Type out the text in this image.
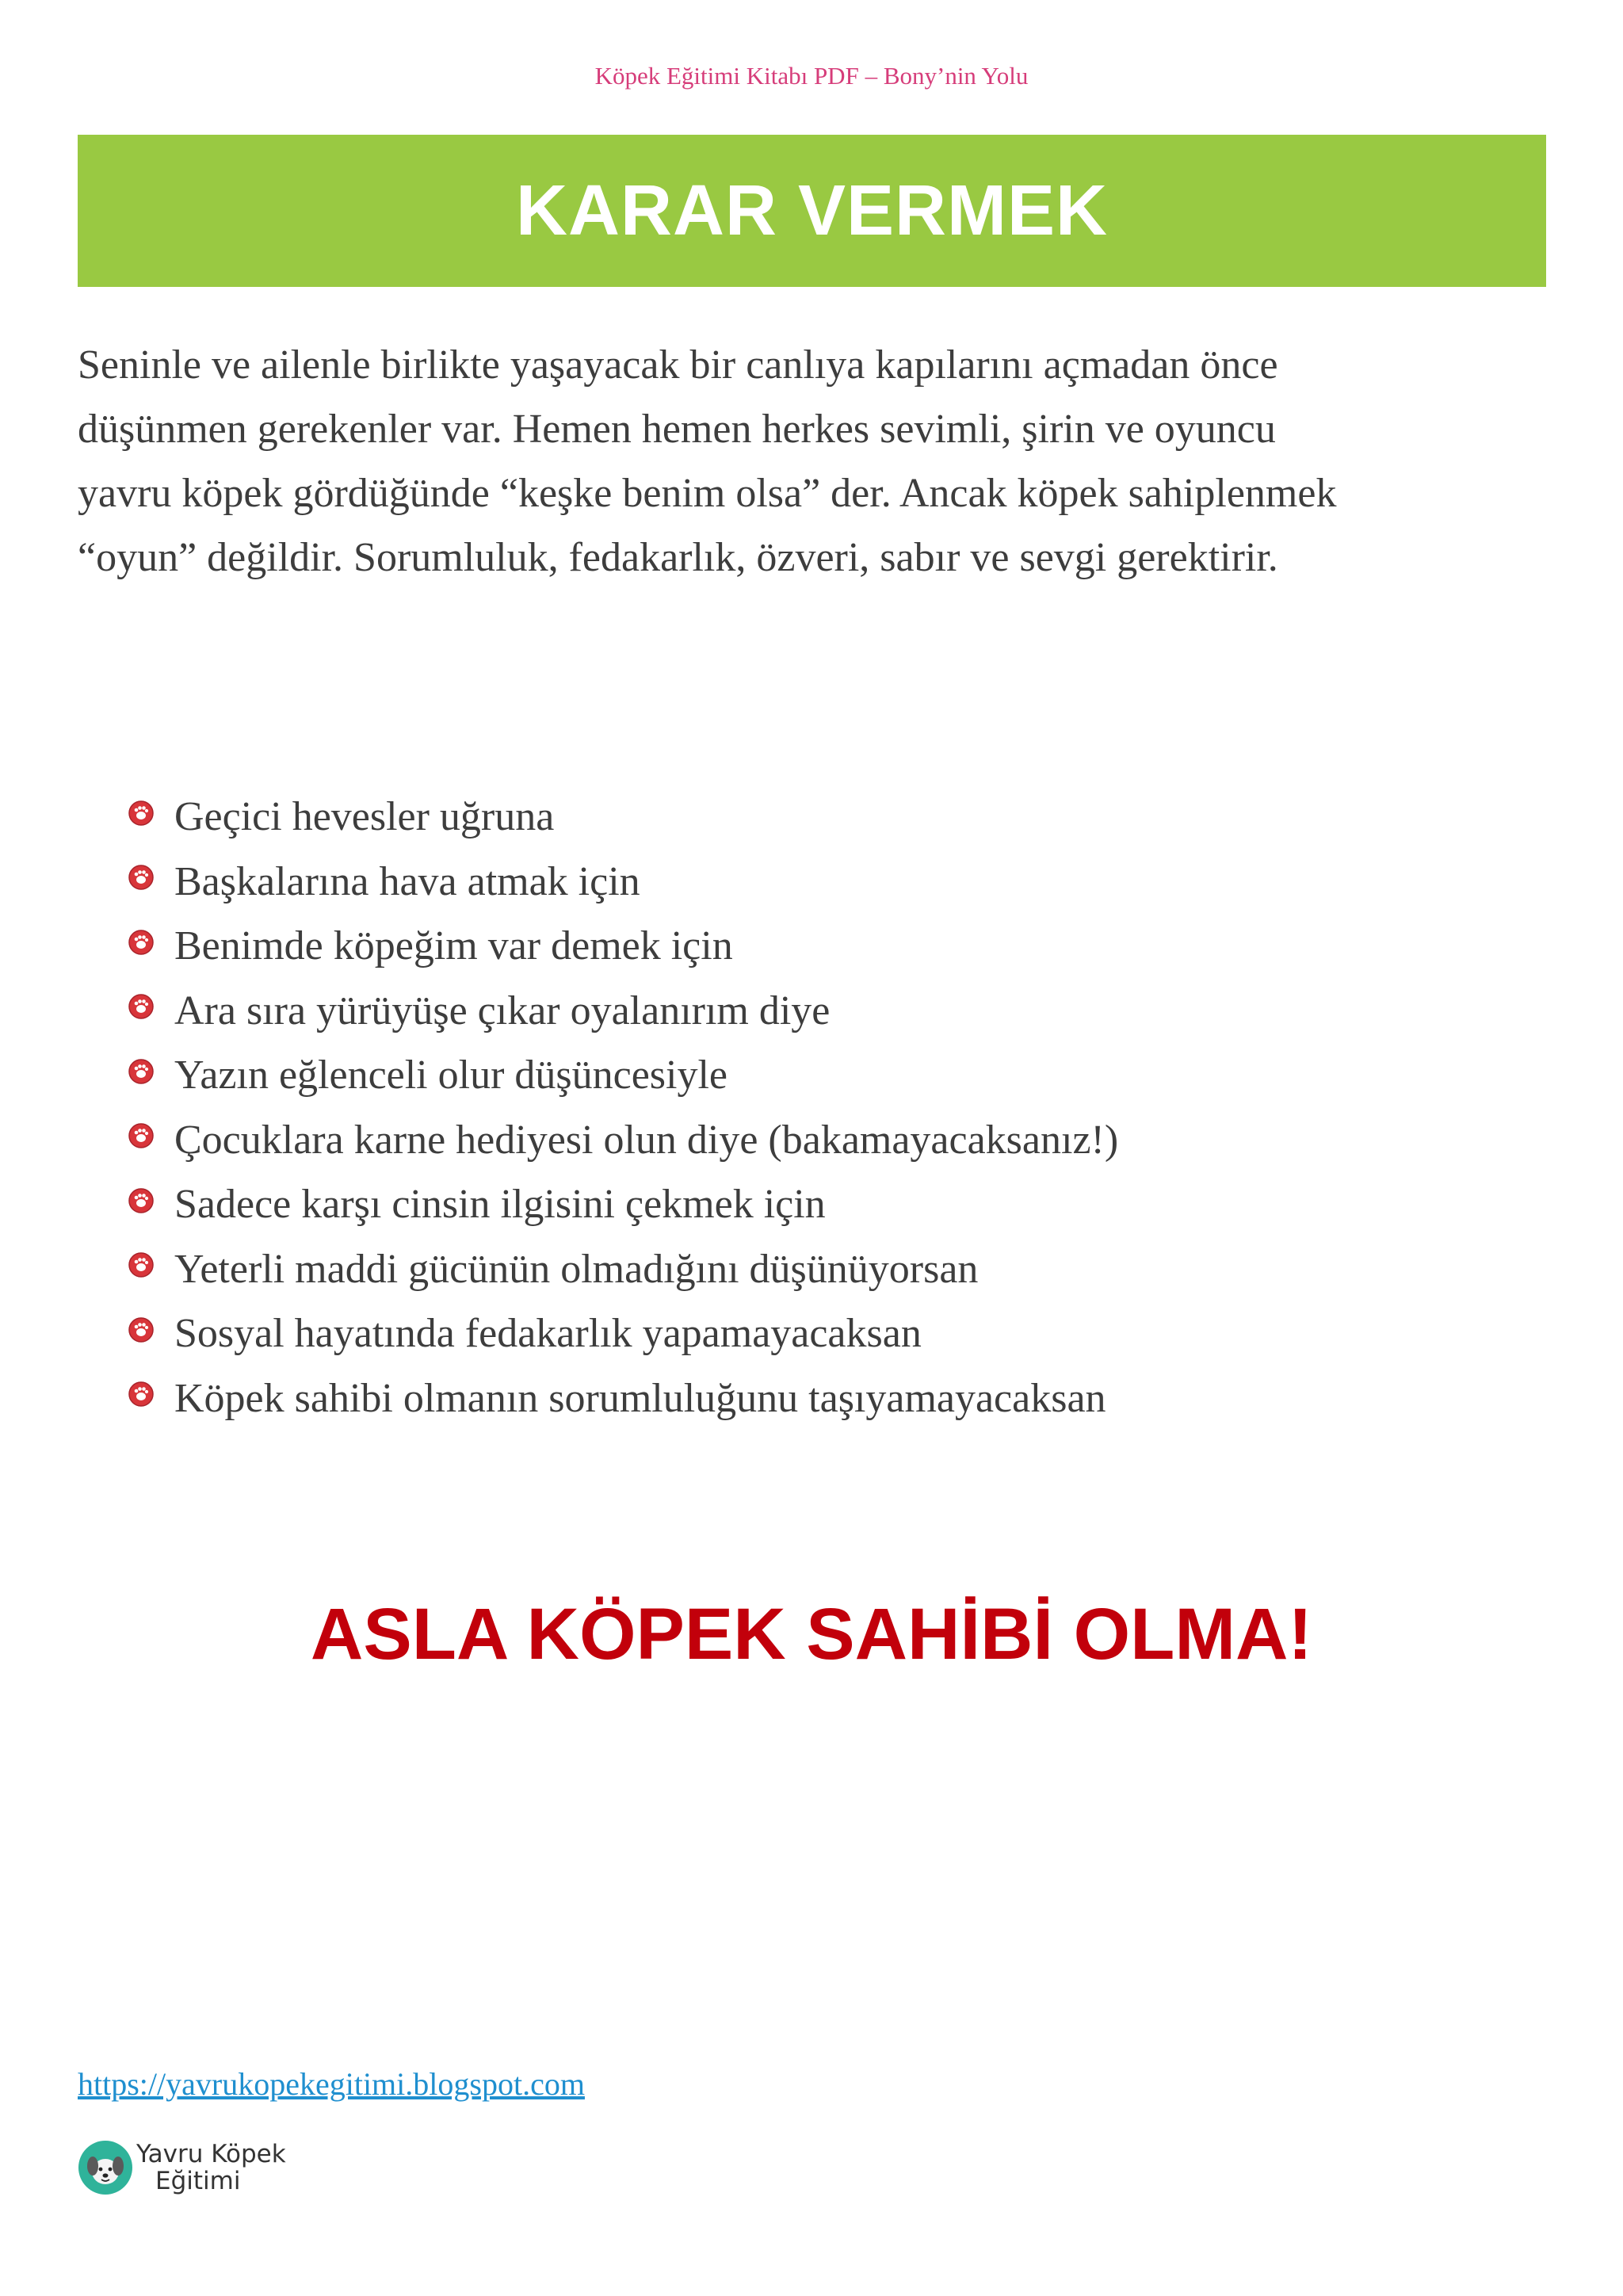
Köpek Eğitimi Kitabı PDF – Bony’nin Yolu
KARAR VERMEK

Seninle ve ailenle birlikte yaşayacak bir canlıya kapılarını açmadan önce

düşünmen gerekenler var. Hemen hemen herkes sevimli, şirin ve oyuncu

yavru köpek gördüğünde “keşke benim olsa” der. Ancak köpek sahiplenmek

“oyun” değildir. Sorumluluk, fedakarlık, özveri, sabır ve sevgi gerektirir.

Geçici hevesler uğruna
Başkalarına hava atmak için
Benimde köpeğim var demek için
Ara sıra yürüyüşe çıkar oyalanırım diye
Yazın eğlenceli olur düşüncesiyle
Çocuklara karne hediyesi olun diye (bakamayacaksanız!)
Sadece karşı cinsin ilgisini çekmek için
Yeterli maddi gücünün olmadığını düşünüyorsan
Sosyal hayatında fedakarlık yapamayacaksan
Köpek sahibi olmanın sorumluluğunu taşıyamayacaksan
ASLA KÖPEK SAHİBİ OLMA!
https://yavrukopekegitimi.blogspot.com
Yavru Köpek
Eğitimi
